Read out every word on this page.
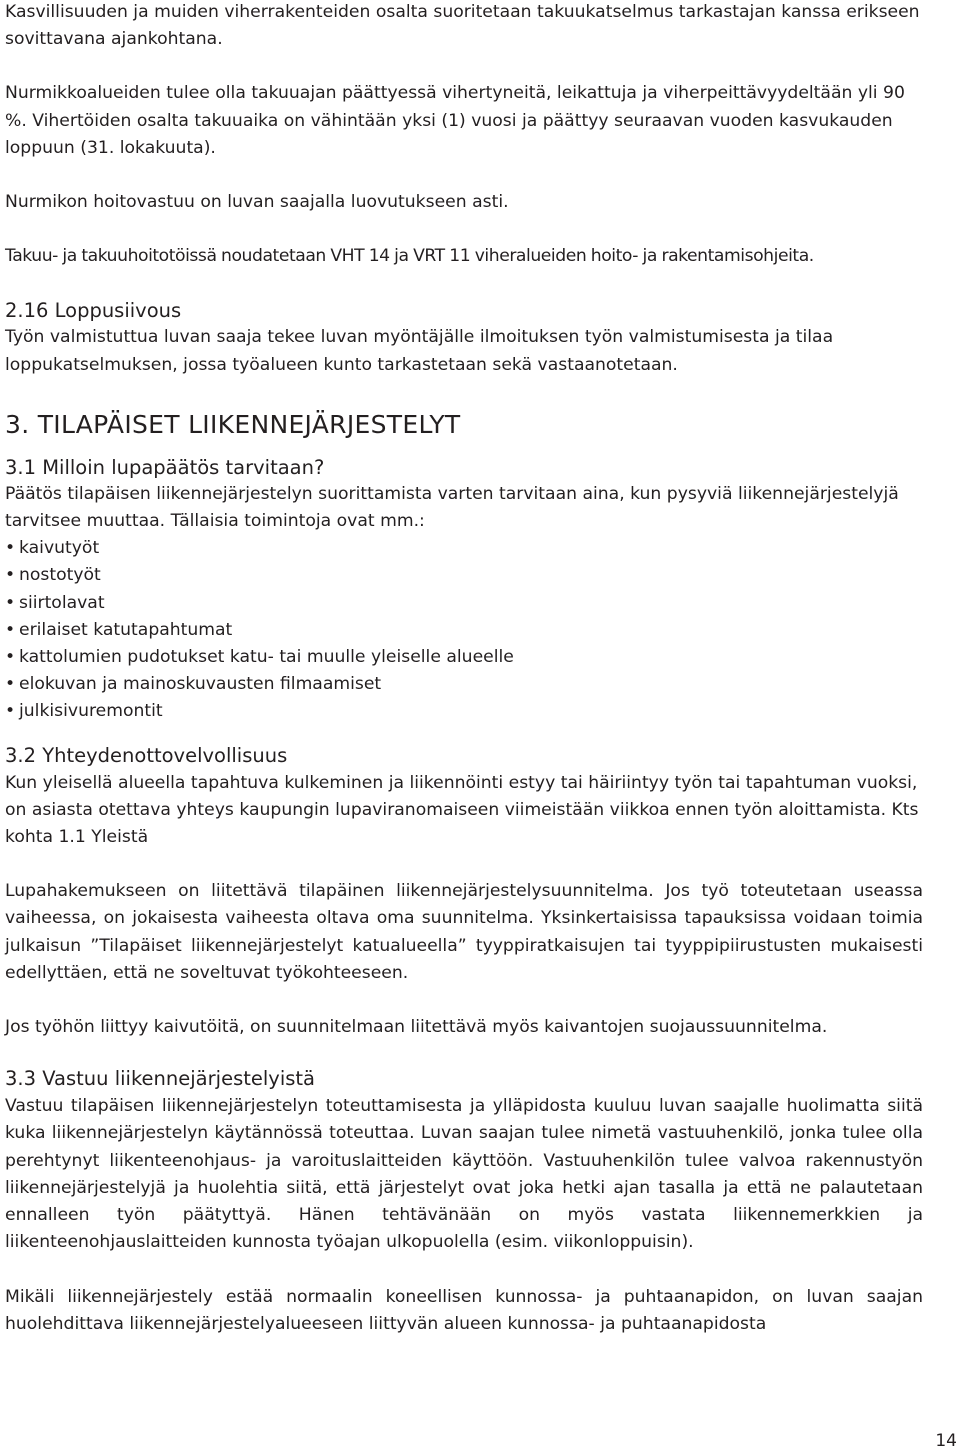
Kasvillisuuden ja muiden viherrakenteiden osalta suoritetaan takuukatselmus tarkastajan kanssa erikseen sovittavana ajankohtana.

Nurmikkoalueiden tulee olla takuuajan päättyessä vihertyneitä, leikattuja ja viherpeittävyydeltään yli 90 %. Vihertöiden osalta takuuaika on vähintään yksi (1) vuosi ja päättyy seuraavan vuoden kasvukauden loppuun (31. lokakuuta).

Nurmikon hoitovastuu on luvan saajalla luovutukseen asti.

Takuu- ja takuuhoitotöissä noudatetaan VHT 14 ja VRT 11 viheralueiden hoito- ja rakentamisohjeita.

2.16 Loppusiivous

Työn valmistuttua luvan saaja tekee luvan myöntäjälle ilmoituksen työn valmistumisesta ja tilaa loppukatselmuksen, jossa työalueen kunto tarkastetaan sekä vastaanotetaan.

3. TILAPÄISET LIIKENNEJÄRJESTELYT

3.1 Milloin lupapäätös tarvitaan?

Päätös tilapäisen liikennejärjestelyn suorittamista varten tarvitaan aina, kun pysyviä liikennejärjestelyjä tarvitsee muuttaa. Tällaisia toimintoja ovat mm.:

• kaivutyöt
• nostotyöt
• siirtolavat
• erilaiset katutapahtumat
• kattolumien pudotukset katu- tai muulle yleiselle alueelle
• elokuvan ja mainoskuvausten filmaamiset
• julkisivuremontit

3.2 Yhteydenottovelvollisuus

Kun yleisellä alueella tapahtuva kulkeminen ja liikennöinti estyy tai häiriintyy työn tai tapahtuman vuoksi, on asiasta otettava yhteys kaupungin lupaviranomaiseen viimeistään viikkoa ennen työn aloittamista. Kts kohta 1.1 Yleistä

Lupahakemukseen on liitettävä tilapäinen liikennejärjestelysuunnitelma. Jos työ toteutetaan useassa vaiheessa, on jokaisesta vaiheesta oltava oma suunnitelma. Yksinkertaisissa tapauksissa voidaan toimia julkaisun ”Tilapäiset liikennejärjestelyt katualueella” tyyppiratkaisujen tai tyyppipiirustusten mukaisesti edellyttäen, että ne soveltuvat työkohteeseen.

Jos työhön liittyy kaivutöitä, on suunnitelmaan liitettävä myös kaivantojen suojaussuunnitelma.

3.3 Vastuu liikennejärjestelyistä

Vastuu tilapäisen liikennejärjestelyn toteuttamisesta ja ylläpidosta kuuluu luvan saajalle huolimatta siitä kuka liikennejärjestelyn käytännössä toteuttaa. Luvan saajan tulee nimetä vastuuhenkilö, jonka tulee olla perehtynyt liikenteenohjaus- ja varoituslaitteiden käyttöön. Vastuuhenkilön tulee valvoa rakennustyön liikennejärjestelyjä ja huolehtia siitä, että järjestelyt ovat joka hetki ajan tasalla ja että ne palautetaan ennalleen työn päätyttyä. Hänen tehtävänään on myös vastata liikennemerkkien ja liikenteenohjauslaitteiden kunnosta työajan ulkopuolella (esim. viikonloppuisin).

Mikäli liikennejärjestely estää normaalin koneellisen kunnossa- ja puhtaanapidon, on luvan saajan huolehdittava liikennejärjestelyalueeseen liittyvän alueen kunnossa- ja puhtaanapidosta

14
